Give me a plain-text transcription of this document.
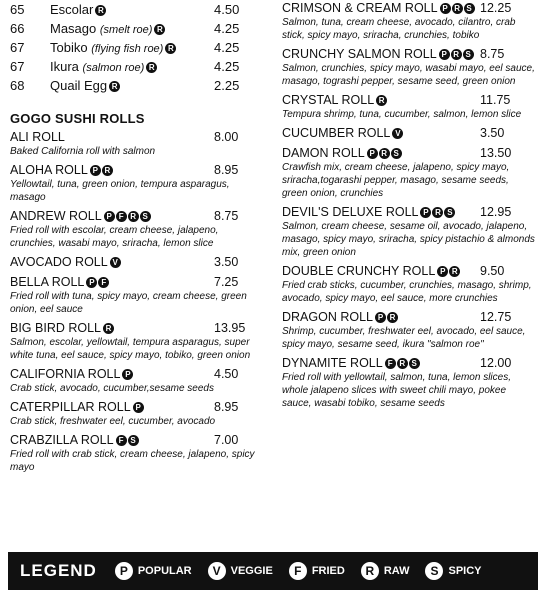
65 Escolar R	4.50
66 Masago (smelt roe) R	4.25
67 Tobiko (flying fish roe) R	4.25
67 Ikura (salmon roe) R	4.25
68 Quail Egg R	2.25
GOGO SUSHI ROLLS
ALI ROLL	8.00

Baked California roll with salmon

ALOHA ROLL P R	8.95

Yellowtail, tuna, green onion, tempura asparagus, masago

ANDREW ROLL P F R S	8.75

Fried roll with escolar, cream cheese, jalapeno, crunchies, wasabi mayo, sriracha, lemon slice

AVOCADO ROLL V	3.50
BELLA ROLL P F	7.25

Fried roll with tuna, spicy mayo, cream cheese, green onion, eel sauce

BIG BIRD ROLL R	13.95

Salmon, escolar, yellowtail, tempura asparagus, super white tuna, eel sauce, spicy mayo, tobiko, green onion

CALIFORNIA ROLL P	4.50

Crab stick, avocado, cucumber,sesame seeds

CATERPILLAR ROLL P	8.95

Crab stick, freshwater eel, cucumber, avocado

CRABZILLA ROLL F S	7.00

Fried roll with crab stick, cream cheese, jalapeno, spicy mayo

CRIMSON & CREAM ROLL P R S 12.25

Salmon, tuna, cream cheese, avocado, cilantro, crab stick, spicy mayo, sriracha, crunchies, tobiko

CRUNCHY SALMON ROLL P R S 8.75

Salmon, crunchies, spicy mayo, wasabi mayo, eel sauce, masago, tograshi pepper, sesame seed, green onion

CRYSTAL ROLL R	11.75

Tempura shrimp, tuna, cucumber, salmon, lemon slice

CUCUMBER ROLL V	3.50
DAMON ROLL P R S	13.50

Crawfish mix, cream cheese, jalapeno, spicy mayo, sriracha,togarashi pepper, masago, sesame seeds, green onion, crunchies

DEVIL'S DELUXE ROLL P R S 12.95

Salmon, cream cheese, sesame oil, avocado, jalapeno, masago, spicy mayo, sriracha, spicy pistachio & almonds mix, green onion

DOUBLE CRUNCHY ROLL P R 9.50

Fried crab sticks, cucumber, crunchies, masago, shrimp, avocado, spicy mayo, eel sauce, more crunchies

DRAGON ROLL P R	12.75

Shrimp, cucumber, freshwater eel, avocado, eel sauce, spicy mayo, sesame seed, ikura "salmon roe"

DYNAMITE ROLL F R S	12.00

Fried roll with yellowtail, salmon, tuna, lemon slices, whole jalapeno slices with sweet chili mayo, pokee sauce, wasabi tobiko, sesame seeds

LEGEND	P POPULAR	V VEGGIE	F FRIED	R RAW	S SPICY
